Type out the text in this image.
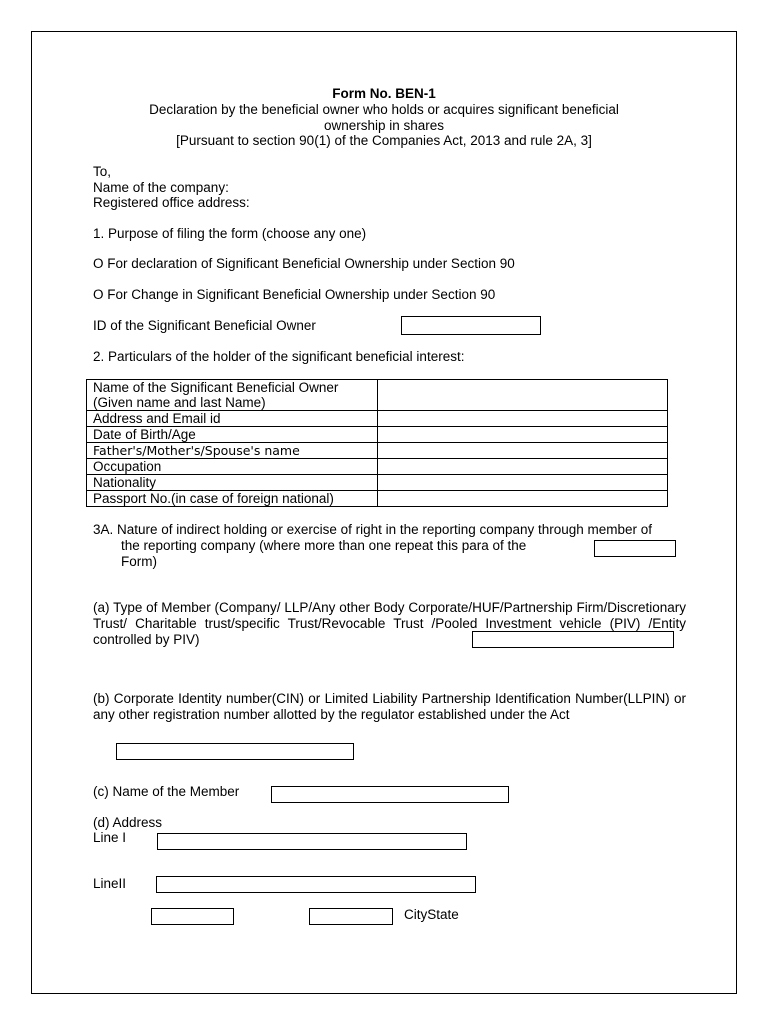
Form No. BEN-1
Declaration by the beneficial owner who holds or acquires significant beneficial
ownership in shares
[Pursuant to section 90(1) of the Companies Act, 2013 and rule 2A, 3]
To,
Name of the company:
Registered office address:
1. Purpose of filing the form (choose any one)
O For declaration of Significant Beneficial Ownership under Section 90
O For Change in Significant Beneficial Ownership under Section 90
ID of the Significant Beneficial Owner
2. Particulars of the holder of the significant beneficial interest:
Name of the Significant Beneficial Owner
(Given name and last Name)	
Address and Email id	
Date of Birth/Age	
Father's/Mother's/Spouse's name	
Occupation	
Nationality	
Passport No.(in case of foreign national)	
3A. Nature of indirect holding or exercise of right in the reporting company through member of
the reporting company (where more than one repeat this para of the
Form)
(a) Type of Member (Company/ LLP/Any other Body Corporate/HUF/Partnership Firm/Discretionary Trust/ Charitable trust/specific Trust/Revocable Trust /Pooled Investment vehicle (PIV) /Entity controlled by PIV)
(b) Corporate Identity number(CIN) or Limited Liability Partnership Identification Number(LLPIN) or any other registration number allotted by the regulator established under the Act
(c) Name of the Member
(d) Address
Line I
LineII
CityState
